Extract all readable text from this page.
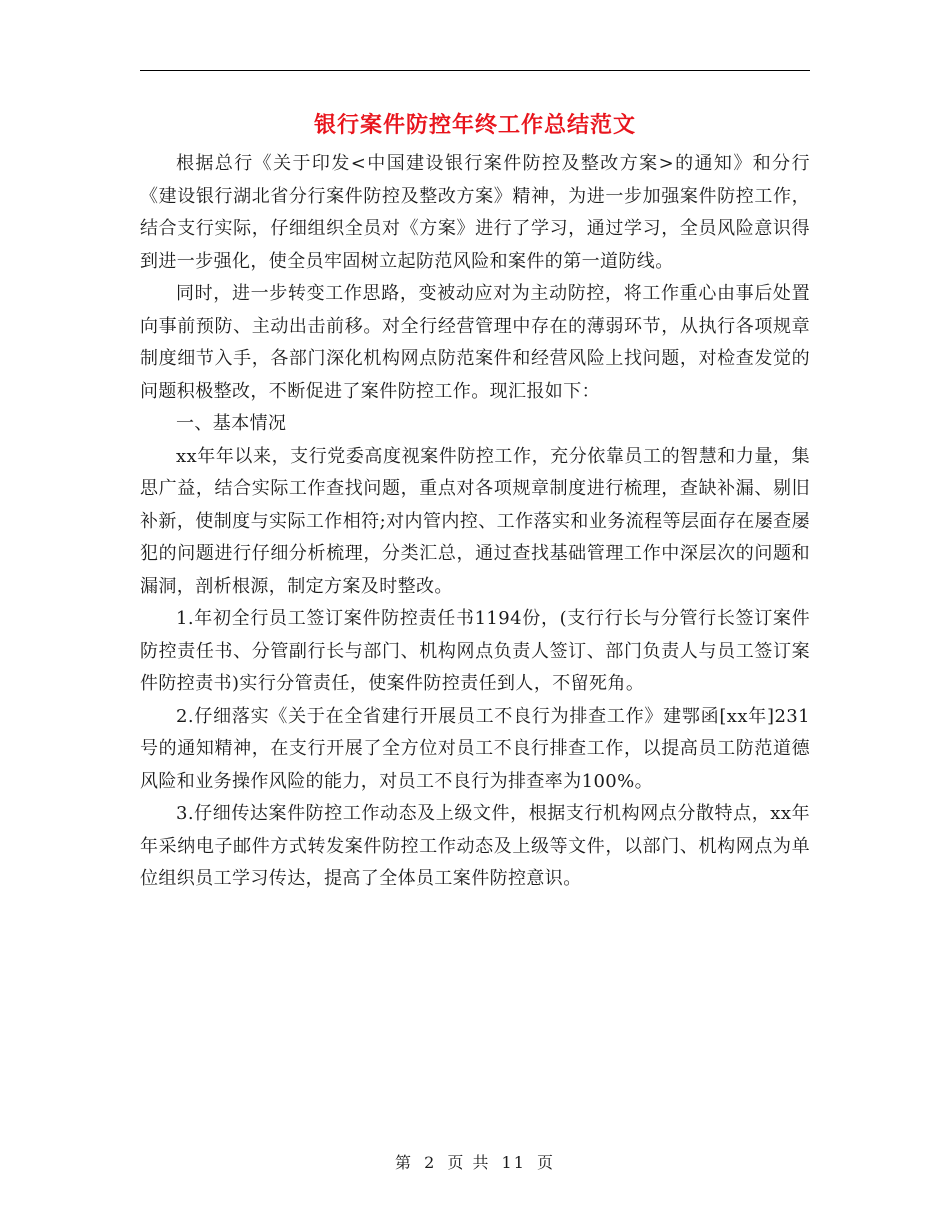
银行案件防控年终工作总结范文

根据总行《关于印发<中国建设银行案件防控及整改方案>的通知》和分行《建设银行湖北省分行案件防控及整改方案》精神，为进一步加强案件防控工作，结合支行实际，仔细组织全员对《方案》进行了学习，通过学习，全员风险意识得到进一步强化，使全员牢固树立起防范风险和案件的第一道防线。

同时，进一步转变工作思路，变被动应对为主动防控，将工作重心由事后处置向事前预防、主动出击前移。对全行经营管理中存在的薄弱环节，从执行各项规章制度细节入手，各部门深化机构网点防范案件和经营风险上找问题，对检查发觉的问题积极整改，不断促进了案件防控工作。现汇报如下：

一、基本情况

xx年年以来，支行党委高度视案件防控工作，充分依靠员工的智慧和力量，集思广益，结合实际工作查找问题，重点对各项规章制度进行梳理，查缺补漏、剔旧补新，使制度与实际工作相符;对内管内控、工作落实和业务流程等层面存在屡查屡犯的问题进行仔细分析梳理，分类汇总，通过查找基础管理工作中深层次的问题和漏洞，剖析根源，制定方案及时整改。

1.年初全行员工签订案件防控责任书1194份，(支行行长与分管行长签订案件防控责任书、分管副行长与部门、机构网点负责人签订、部门负责人与员工签订案件防控责书)实行分管责任，使案件防控责任到人，不留死角。

2.仔细落实《关于在全省建行开展员工不良行为排查工作》建鄂函[xx年]231号的通知精神，在支行开展了全方位对员工不良行排查工作，以提高员工防范道德风险和业务操作风险的能力，对员工不良行为排查率为100%。

3.仔细传达案件防控工作动态及上级文件，根据支行机构网点分散特点，xx年年采纳电子邮件方式转发案件防控工作动态及上级等文件，以部门、机构网点为单位组织员工学习传达，提高了全体员工案件防控意识。

第 2 页 共 11 页
